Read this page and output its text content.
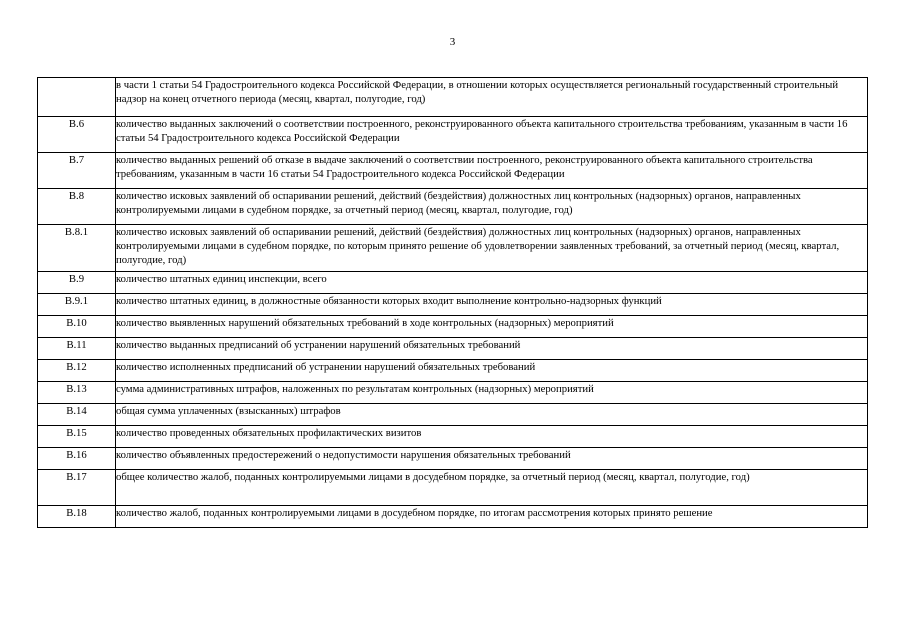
3
	в части 1 статьи 54 Градостроительного кодекса Российской Федерации, в отношении которых осуществляется региональный государственный строительный надзор на конец отчетного периода (месяц, квартал, полугодие, год)
B.6	количество выданных заключений о соответствии построенного, реконструированного объекта капитального строительства требованиям, указанным в части 16 статьи 54 Градостроительного кодекса Российской Федерации
B.7	количество выданных решений об отказе в выдаче заключений о соответствии построенного, реконструированного объекта капитального строительства требованиям, указанным в части 16 статьи 54 Градостроительного кодекса Российской Федерации
B.8	количество исковых заявлений об оспаривании решений, действий (бездействия) должностных лиц контрольных (надзорных) органов, направленных контролируемыми лицами в судебном порядке, за отчетный период (месяц, квартал, полугодие, год)
B.8.1	количество исковых заявлений об оспаривании решений, действий (бездействия) должностных лиц контрольных (надзорных) органов, направленных контролируемыми лицами в судебном порядке, по которым принято решение об удовлетворении заявленных требований, за отчетный период (месяц, квартал, полугодие, год)
B.9	количество штатных единиц инспекции, всего
B.9.1	количество штатных единиц, в должностные обязанности которых входит выполнение контрольно-надзорных функций
B.10	количество выявленных нарушений обязательных требований в ходе контрольных (надзорных) мероприятий
B.11	количество выданных предписаний об устранении нарушений обязательных требований
B.12	количество исполненных предписаний об устранении нарушений обязательных требований
B.13	сумма административных штрафов, наложенных по результатам контрольных (надзорных) мероприятий
B.14	общая сумма уплаченных (взысканных) штрафов
B.15	количество проведенных обязательных профилактических визитов
B.16	количество объявленных предостережений о недопустимости нарушения обязательных требований
B.17	общее количество жалоб, поданных контролируемыми лицами в досудебном порядке, за отчетный период (месяц, квартал, полугодие, год)
B.18	количество жалоб, поданных контролируемыми лицами в досудебном порядке, по итогам рассмотрения которых принято решение
